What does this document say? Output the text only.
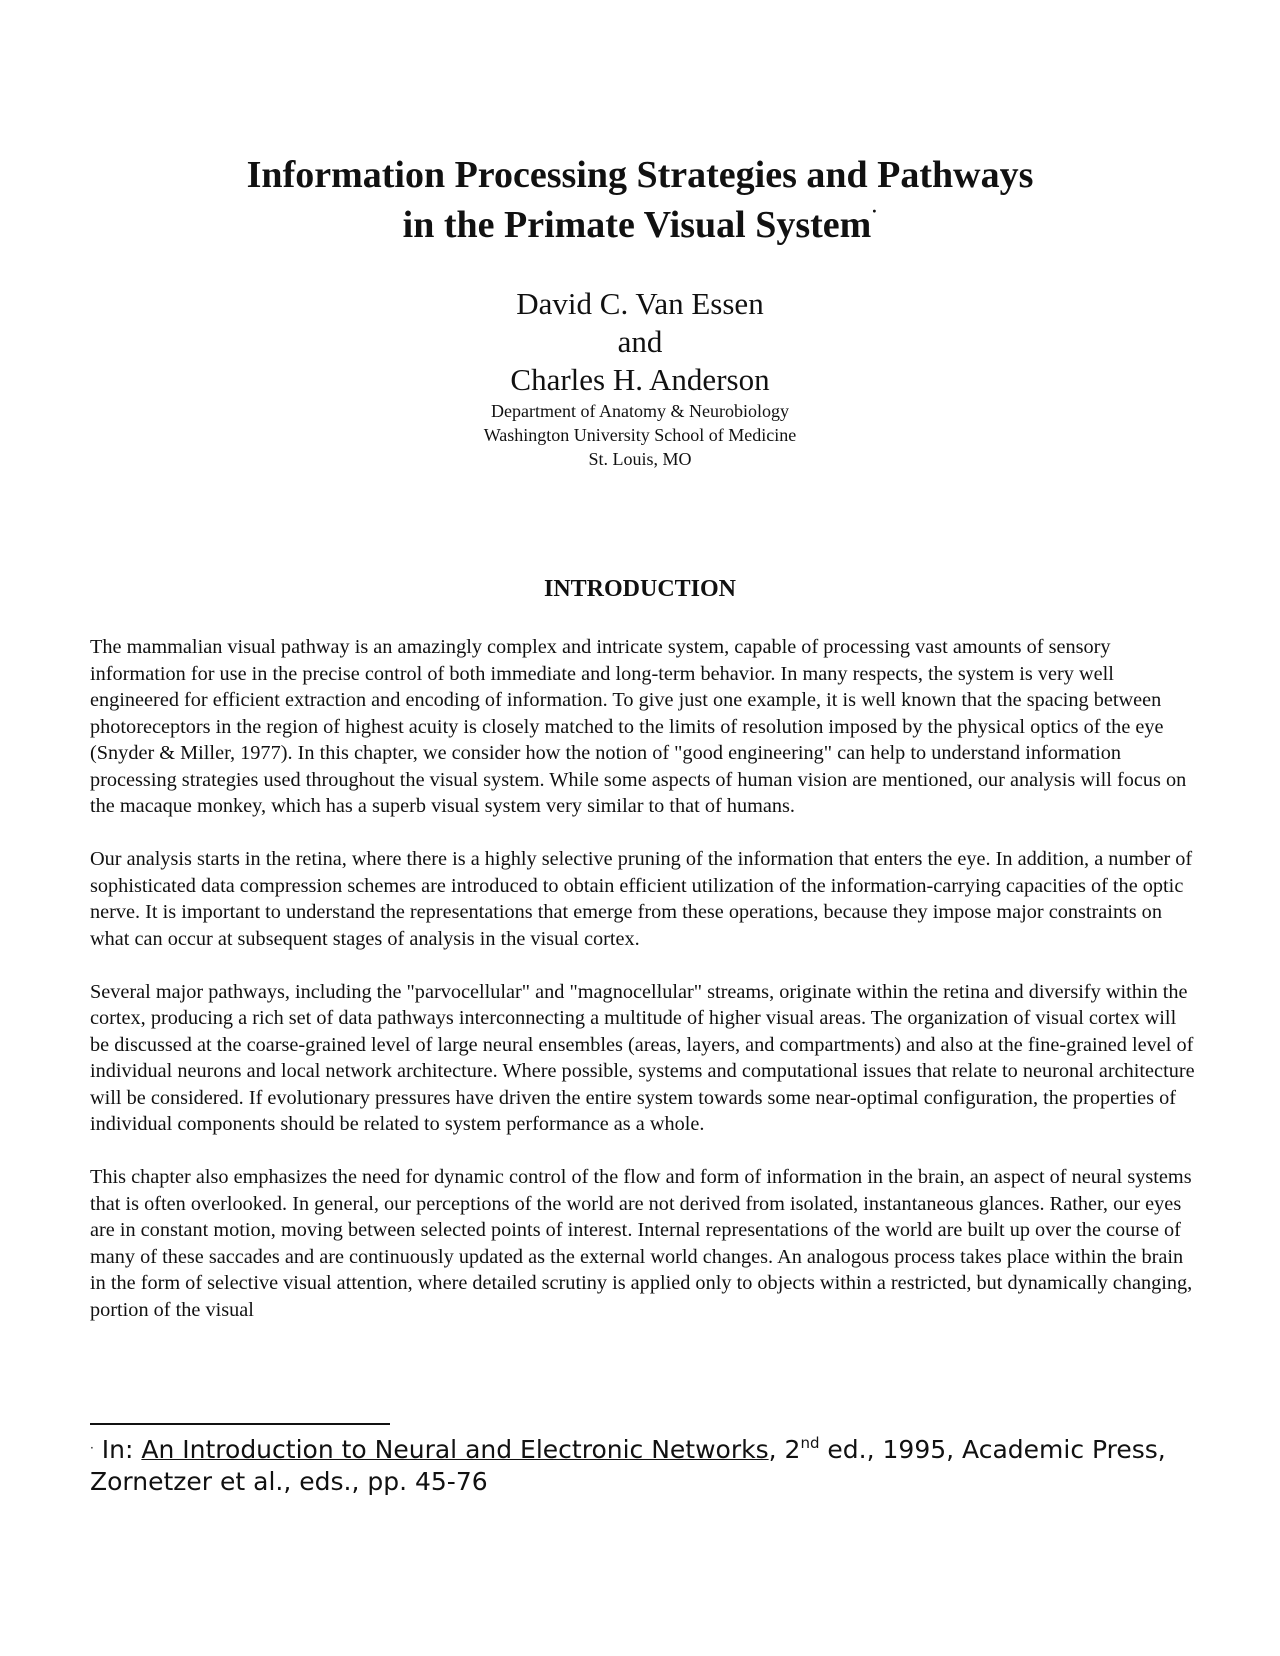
Information Processing Strategies and Pathways
in the Primate Visual System·
David C. Van Essen
and
Charles H. Anderson
Department of Anatomy & Neurobiology
Washington University School of Medicine
St. Louis, MO
INTRODUCTION

The mammalian visual pathway is an amazingly complex and intricate system, capable of processing vast amounts of sensory information for use in the precise control of both immediate and long-term behavior. In many respects, the system is very well engineered for efficient extraction and encoding of information. To give just one example, it is well known that the spacing between photoreceptors in the region of highest acuity is closely matched to the limits of resolution imposed by the physical optics of the eye (Snyder & Miller, 1977). In this chapter, we consider how the notion of "good engineering" can help to understand information processing strategies used throughout the visual system. While some aspects of human vision are mentioned, our analysis will focus on the macaque monkey, which has a superb visual system very similar to that of humans.

Our analysis starts in the retina, where there is a highly selective pruning of the information that enters the eye. In addition, a number of sophisticated data compression schemes are introduced to obtain efficient utilization of the information-carrying capacities of the optic nerve. It is important to understand the representations that emerge from these operations, because they impose major constraints on what can occur at subsequent stages of analysis in the visual cortex.

Several major pathways, including the "parvocellular" and "magnocellular" streams, originate within the retina and diversify within the cortex, producing a rich set of data pathways interconnecting a multitude of higher visual areas. The organization of visual cortex will be discussed at the coarse-grained level of large neural ensembles (areas, layers, and compartments) and also at the fine-grained level of individual neurons and local network architecture. Where possible, systems and computational issues that relate to neuronal architecture will be considered. If evolutionary pressures have driven the entire system towards some near-optimal configuration, the properties of individual components should be related to system performance as a whole.

This chapter also emphasizes the need for dynamic control of the flow and form of information in the brain, an aspect of neural systems that is often overlooked. In general, our perceptions of the world are not derived from isolated, instantaneous glances. Rather, our eyes are in constant motion, moving between selected points of interest. Internal representations of the world are built up over the course of many of these saccades and are continuously updated as the external world changes. An analogous process takes place within the brain in the form of selective visual attention, where detailed scrutiny is applied only to objects within a restricted, but dynamically changing, portion of the visual

· In: An Introduction to Neural and Electronic Networks, 2nd ed., 1995, Academic Press, Zornetzer et al., eds., pp. 45-76
